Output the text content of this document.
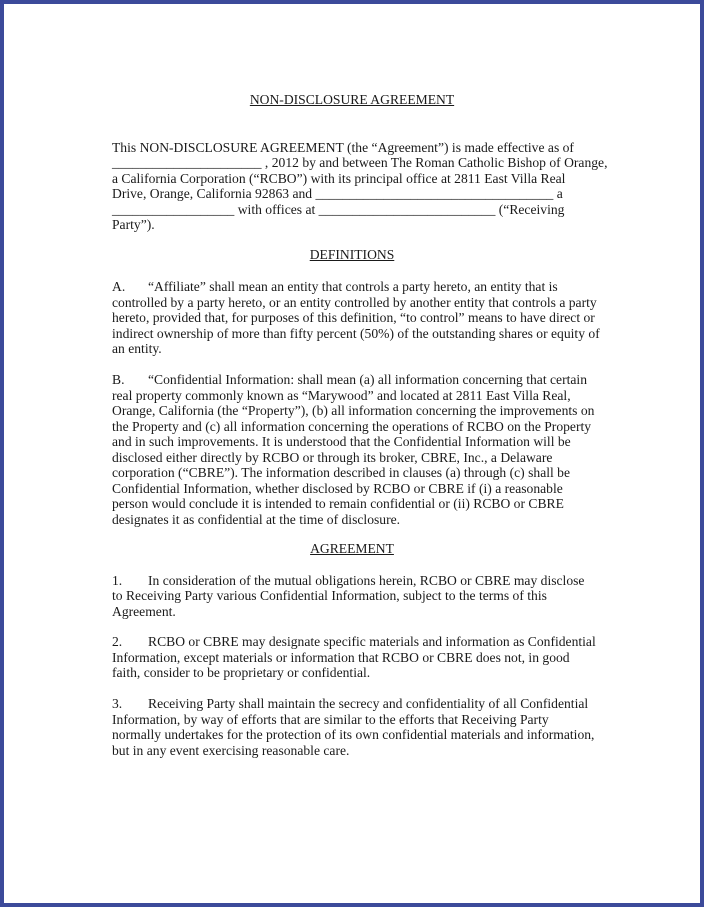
NON-DISCLOSURE AGREEMENT
This NON-DISCLOSURE AGREEMENT (the “Agreement”) is made effective as of
______________________ , 2012 by and between The Roman Catholic Bishop of Orange,
a California Corporation (“RCBO”) with its principal office at 2811 East Villa Real
Drive, Orange, California 92863 and ___________________________________ a
__________________ with offices at __________________________ (“Receiving
Party”).
DEFINITIONS
A. “Affiliate” shall mean an entity that controls a party hereto, an entity that is
controlled by a party hereto, or an entity controlled by another entity that controls a party
hereto, provided that, for purposes of this definition, “to control” means to have direct or
indirect ownership of more than fifty percent (50%) of the outstanding shares or equity of
an entity.
B. “Confidential Information: shall mean (a) all information concerning that certain
real property commonly known as “Marywood” and located at 2811 East Villa Real,
Orange, California (the “Property”), (b) all information concerning the improvements on
the Property and (c) all information concerning the operations of RCBO on the Property
and in such improvements. It is understood that the Confidential Information will be
disclosed either directly by RCBO or through its broker, CBRE, Inc., a Delaware
corporation (“CBRE”). The information described in clauses (a) through (c) shall be
Confidential Information, whether disclosed by RCBO or CBRE if (i) a reasonable
person would conclude it is intended to remain confidential or (ii) RCBO or CBRE
designates it as confidential at the time of disclosure.
AGREEMENT
1. In consideration of the mutual obligations herein, RCBO or CBRE may disclose
to Receiving Party various Confidential Information, subject to the terms of this
Agreement.
2. RCBO or CBRE may designate specific materials and information as Confidential
Information, except materials or information that RCBO or CBRE does not, in good
faith, consider to be proprietary or confidential.
3. Receiving Party shall maintain the secrecy and confidentiality of all Confidential
Information, by way of efforts that are similar to the efforts that Receiving Party
normally undertakes for the protection of its own confidential materials and information,
but in any event exercising reasonable care.
